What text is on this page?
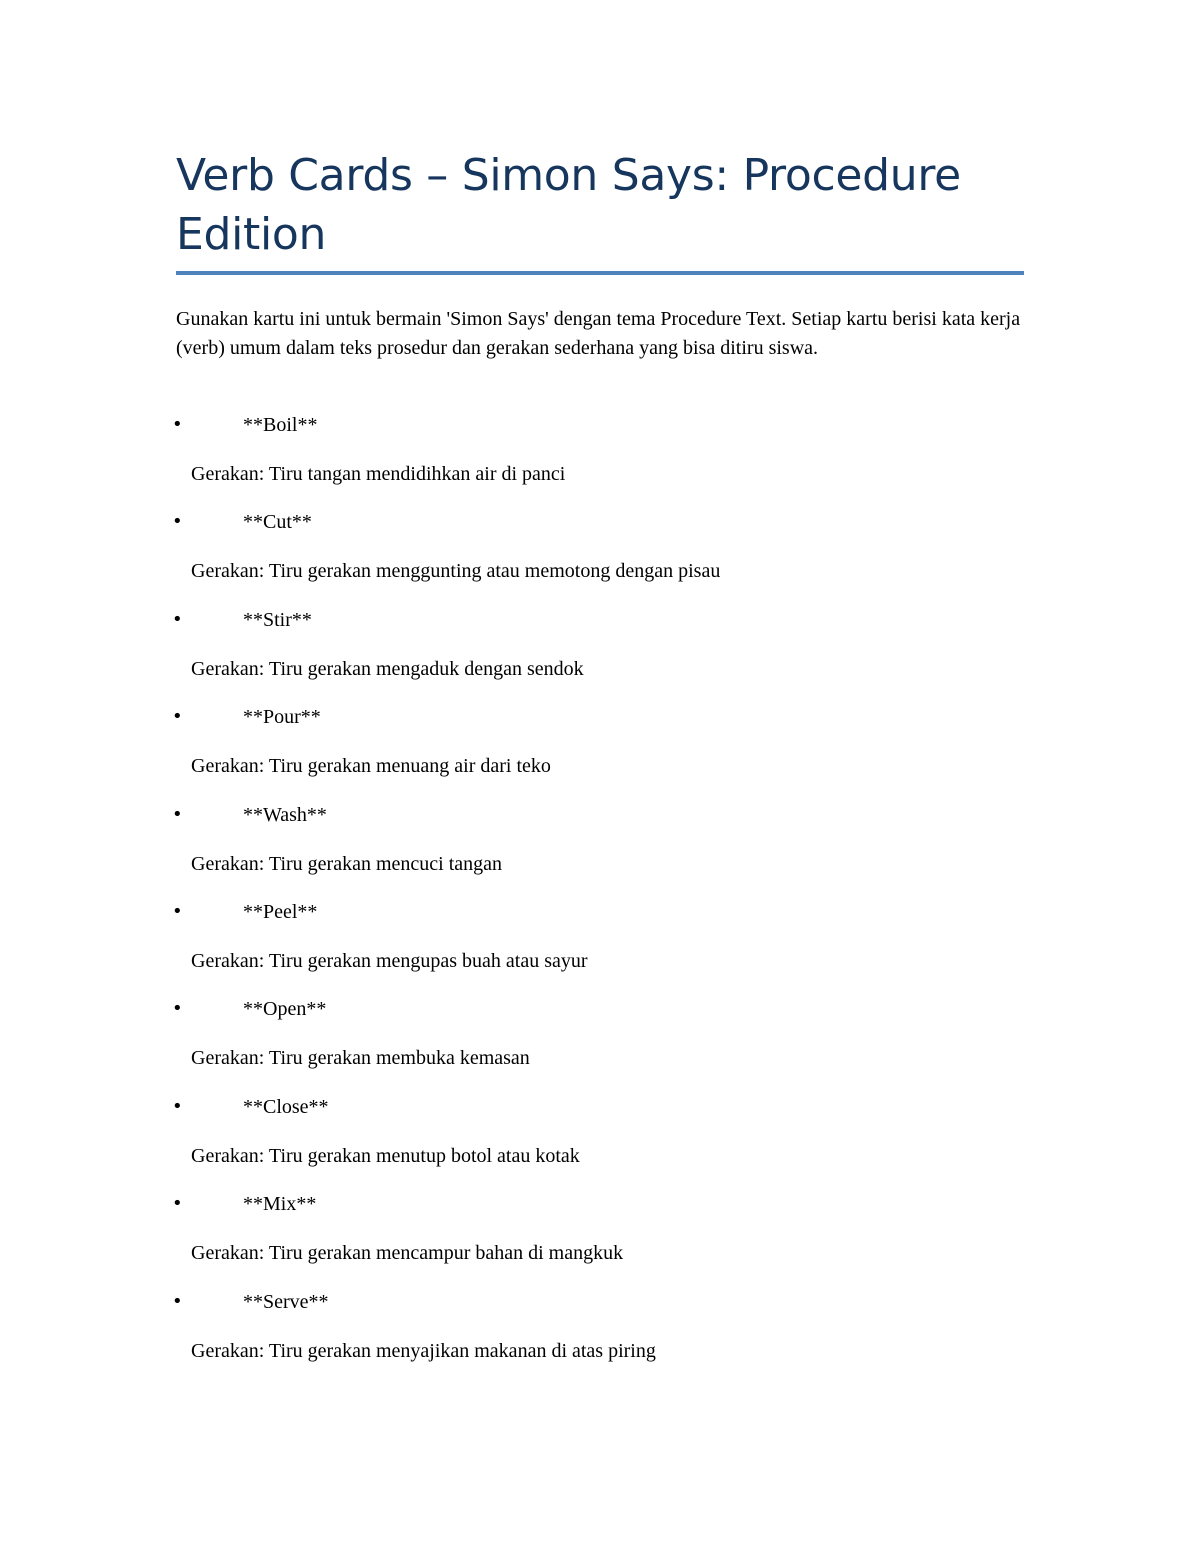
Verb Cards – Simon Says: Procedure Edition

Gunakan kartu ini untuk bermain 'Simon Says' dengan tema Procedure Text. Setiap kartu berisi kata kerja (verb) umum dalam teks prosedur dan gerakan sederhana yang bisa ditiru siswa.

•	**Boil**
Gerakan: Tiru tangan mendidihkan air di panci
•	**Cut**
Gerakan: Tiru gerakan menggunting atau memotong dengan pisau
•	**Stir**
Gerakan: Tiru gerakan mengaduk dengan sendok
•	**Pour**
Gerakan: Tiru gerakan menuang air dari teko
•	**Wash**
Gerakan: Tiru gerakan mencuci tangan
•	**Peel**
Gerakan: Tiru gerakan mengupas buah atau sayur
•	**Open**
Gerakan: Tiru gerakan membuka kemasan
•	**Close**
Gerakan: Tiru gerakan menutup botol atau kotak
•	**Mix**
Gerakan: Tiru gerakan mencampur bahan di mangkuk
•	**Serve**
Gerakan: Tiru gerakan menyajikan makanan di atas piring
